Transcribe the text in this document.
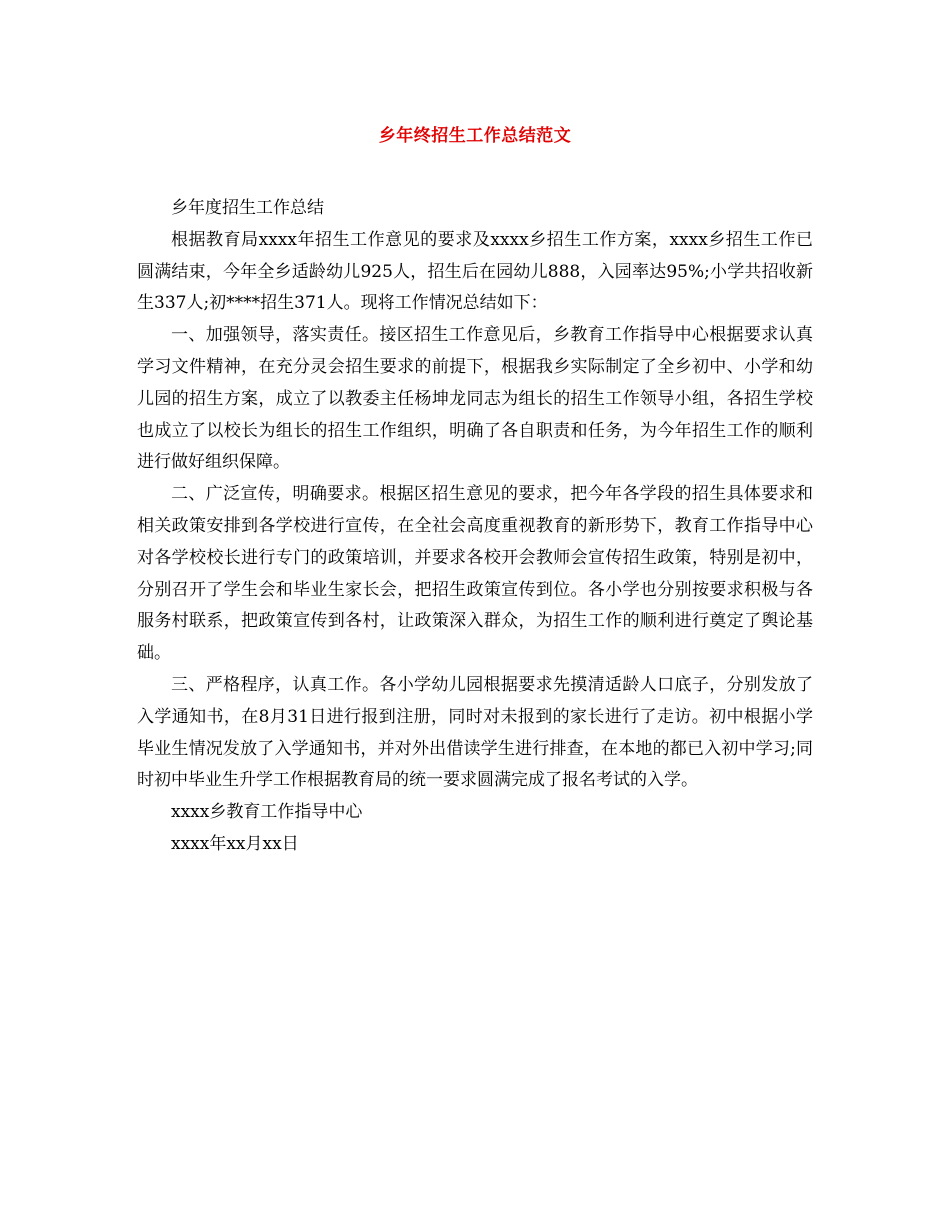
乡年终招生工作总结范文

乡年度招生工作总结

根据教育局xxxx年招生工作意见的要求及xxxx乡招生工作方案，xxxx乡招生工作已圆满结束，今年全乡适龄幼儿925人，招生后在园幼儿888，入园率达95%;小学共招收新生337人;初****招生371人。现将工作情况总结如下：

一、加强领导，落实责任。接区招生工作意见后，乡教育工作指导中心根据要求认真学习文件精神，在充分灵会招生要求的前提下，根据我乡实际制定了全乡初中、小学和幼儿园的招生方案，成立了以教委主任杨坤龙同志为组长的招生工作领导小组，各招生学校也成立了以校长为组长的招生工作组织，明确了各自职责和任务，为今年招生工作的顺利进行做好组织保障。

二、广泛宣传，明确要求。根据区招生意见的要求，把今年各学段的招生具体要求和相关政策安排到各学校进行宣传，在全社会高度重视教育的新形势下，教育工作指导中心对各学校校长进行专门的政策培训，并要求各校开会教师会宣传招生政策，特别是初中，分别召开了学生会和毕业生家长会，把招生政策宣传到位。各小学也分别按要求积极与各服务村联系，把政策宣传到各村，让政策深入群众，为招生工作的顺利进行奠定了舆论基础。

三、严格程序，认真工作。各小学幼儿园根据要求先摸清适龄人口底子，分别发放了入学通知书，在8月31日进行报到注册，同时对未报到的家长进行了走访。初中根据小学毕业生情况发放了入学通知书，并对外出借读学生进行排查，在本地的都已入初中学习;同时初中毕业生升学工作根据教育局的统一要求圆满完成了报名考试的入学。

xxxx乡教育工作指导中心

xxxx年xx月xx日
